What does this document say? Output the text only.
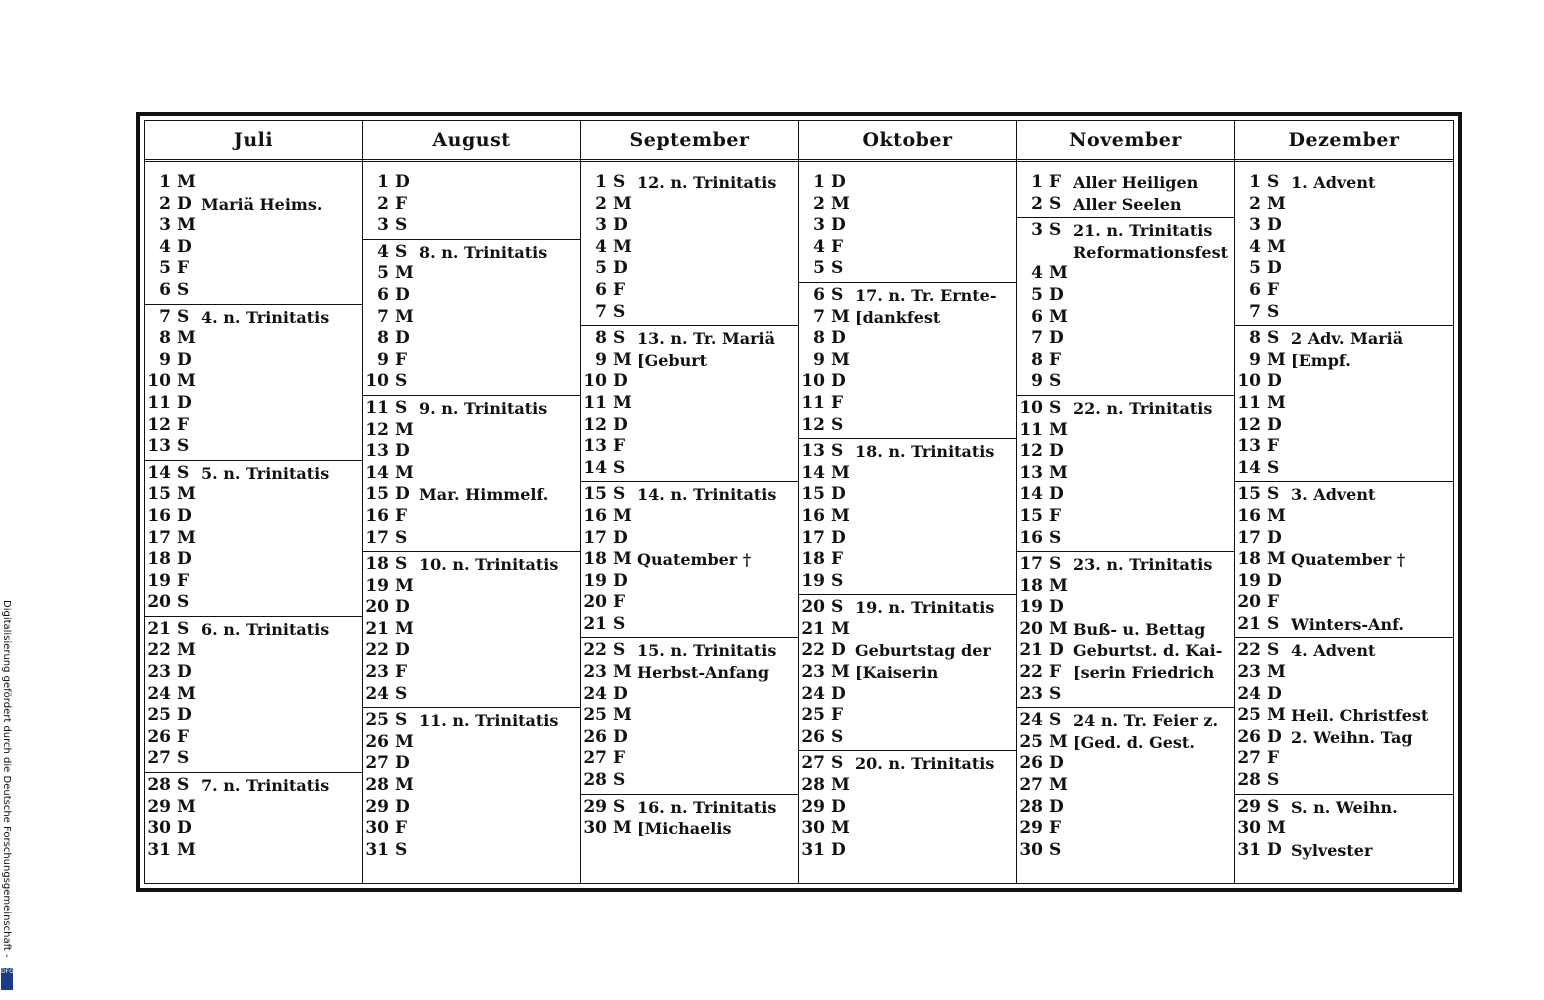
Digitalisierung gefördert durch die Deutsche Forschungsgemeinschaft -
DFG
Juli
1 M
2 D Mariä Heims.
3 M
4 D
5 F
6 S
7 S 4. n. Trinitatis
8 M
9 D
10 M
11 D
12 F
13 S
14 S 5. n. Trinitatis
15 M
16 D
17 M
18 D
19 F
20 S
21 S 6. n. Trinitatis
22 M
23 D
24 M
25 D
26 F
27 S
28 S 7. n. Trinitatis
29 M
30 D
31 M
August
1 D
2 F
3 S
4 S 8. n. Trinitatis
5 M
6 D
7 M
8 D
9 F
10 S
11 S 9. n. Trinitatis
12 M
13 D
14 M
15 D Mar. Himmelf.
16 F
17 S
18 S 10. n. Trinitatis
19 M
20 D
21 M
22 D
23 F
24 S
25 S 11. n. Trinitatis
26 M
27 D
28 M
29 D
30 F
31 S
September
1 S 12. n. Trinitatis
2 M
3 D
4 M
5 D
6 F
7 S
8 S 13. n. Tr. Mariä
9 M [Geburt
10 D
11 M
12 D
13 F
14 S
15 S 14. n. Trinitatis
16 M
17 D
18 M Quatember †
19 D
20 F
21 S
22 S 15. n. Trinitatis
23 M Herbst-Anfang
24 D
25 M
26 D
27 F
28 S
29 S 16. n. Trinitatis
30 M [Michaelis
Oktober
1 D
2 M
3 D
4 F
5 S
6 S 17. n. Tr. Ernte-
7 M [dankfest
8 D
9 M
10 D
11 F
12 S
13 S 18. n. Trinitatis
14 M
15 D
16 M
17 D
18 F
19 S
20 S 19. n. Trinitatis
21 M
22 D Geburtstag der
23 M [Kaiserin
24 D
25 F
26 S
27 S 20. n. Trinitatis
28 M
29 D
30 M
31 D
November
1 F Aller Heiligen
2 S Aller Seelen
3 S 21. n. Trinitatis
Reformationsfest
4 M
5 D
6 M
7 D
8 F
9 S
10 S 22. n. Trinitatis
11 M
12 D
13 M
14 D
15 F
16 S
17 S 23. n. Trinitatis
18 M
19 D
20 M Buß- u. Bettag
21 D Geburtst. d. Kai-
22 F [serin Friedrich
23 S
24 S 24 n. Tr. Feier z.
25 M [Ged. d. Gest.
26 D
27 M
28 D
29 F
30 S
Dezember
1 S 1. Advent
2 M
3 D
4 M
5 D
6 F
7 S
8 S 2 Adv. Mariä
9 M [Empf.
10 D
11 M
12 D
13 F
14 S
15 S 3. Advent
16 M
17 D
18 M Quatember †
19 D
20 F
21 S Winters-Anf.
22 S 4. Advent
23 M
24 D
25 M Heil. Christfest
26 D 2. Weihn. Tag
27 F
28 S
29 S S. n. Weihn.
30 M
31 D Sylvester
